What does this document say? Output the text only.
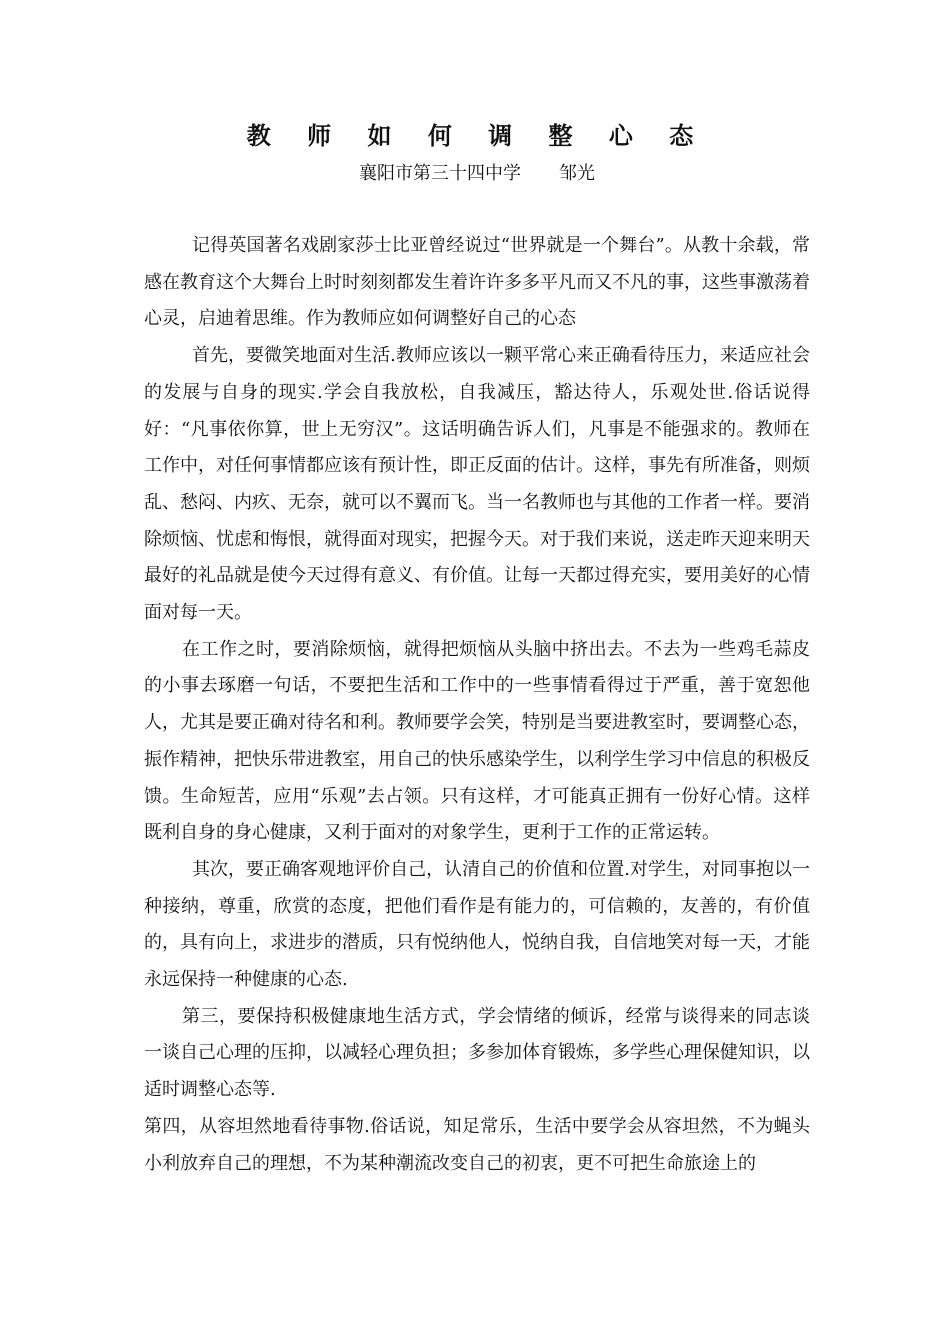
教 师 如 何 调 整 心 态
襄阳市第三十四中学 邹光

记得英国著名戏剧家莎士比亚曾经说过“世界就是一个舞台”。从教十余载，常感在教育这个大舞台上时时刻刻都发生着许许多多平凡而又不凡的事，这些事激荡着心灵，启迪着思维。作为教师应如何调整好自己的心态

首先，要微笑地面对生活.教师应该以一颗平常心来正确看待压力，来适应社会的发展与自身的现实.学会自我放松，自我减压，豁达待人，乐观处世.俗话说得好：“凡事依你算，世上无穷汉”。这话明确告诉人们，凡事是不能强求的。教师在工作中，对任何事情都应该有预计性，即正反面的估计。这样，事先有所准备，则烦乱、愁闷、内疚、无奈，就可以不翼而飞。当一名教师也与其他的工作者一样。要消除烦恼、忧虑和悔恨，就得面对现实，把握今天。对于我们来说，送走昨天迎来明天最好的礼品就是使今天过得有意义、有价值。让每一天都过得充实，要用美好的心情面对每一天。

在工作之时，要消除烦恼，就得把烦恼从头脑中挤出去。不去为一些鸡毛蒜皮的小事去琢磨一句话，不要把生活和工作中的一些事情看得过于严重，善于宽恕他人，尤其是要正确对待名和利。教师要学会笑，特别是当要进教室时，要调整心态，振作精神，把快乐带进教室，用自己的快乐感染学生，以利学生学习中信息的积极反馈。生命短苦，应用“乐观”去占领。只有这样，才可能真正拥有一份好心情。这样既利自身的身心健康，又利于面对的对象学生，更利于工作的正常运转。

其次，要正确客观地评价自己，认清自己的价值和位置.对学生，对同事抱以一种接纳，尊重，欣赏的态度，把他们看作是有能力的，可信赖的，友善的，有价值的，具有向上，求进步的潜质，只有悦纳他人，悦纳自我，自信地笑对每一天，才能永远保持一种健康的心态.

第三，要保持积极健康地生活方式，学会情绪的倾诉，经常与谈得来的同志谈一谈自己心理的压抑，以减轻心理负担；多参加体育锻炼，多学些心理保健知识，以适时调整心态等.

第四，从容坦然地看待事物.俗话说，知足常乐，生活中要学会从容坦然，不为蝇头小利放弃自己的理想，不为某种潮流改变自己的初衷，更不可把生命旅途上的
